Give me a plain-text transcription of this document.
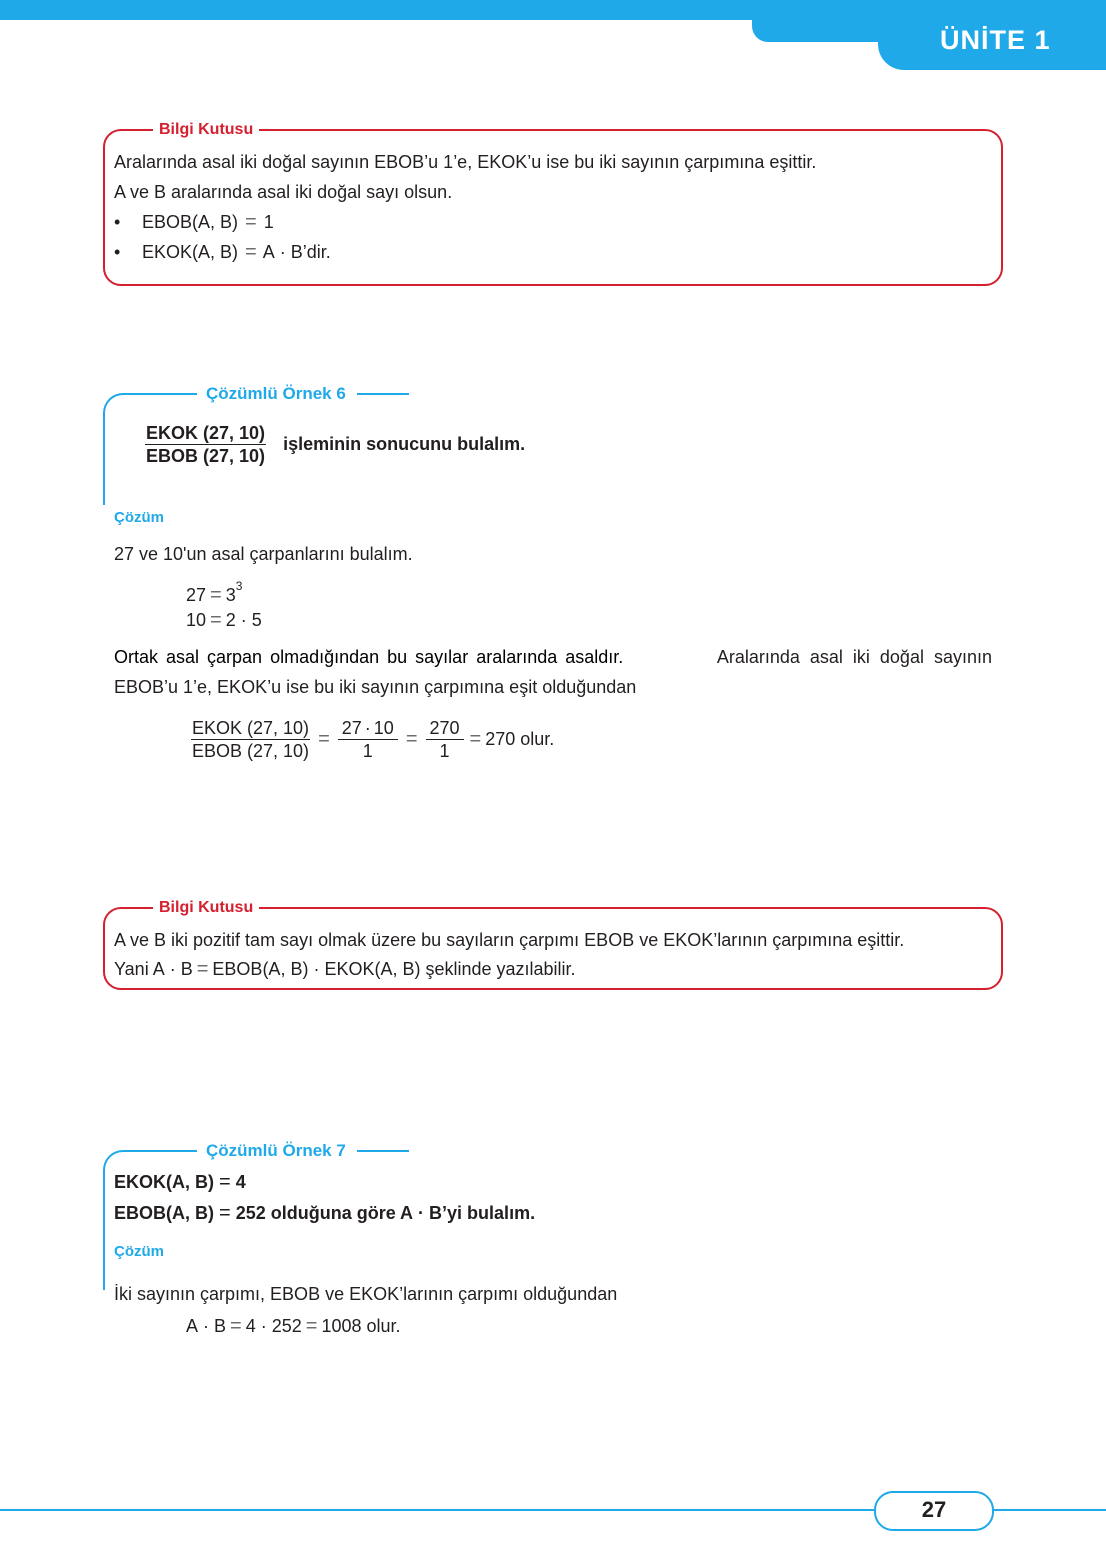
ÜNİTE 1
Bilgi Kutusu
Aralarında asal iki doğal sayının EBOB’u 1’e, EKOK’u ise bu iki sayının çarpımına eşittir.
A ve B aralarında asal iki doğal sayı olsun.
• EBOB(A, B) = 1
• EKOK(A, B) = A · B’dir.
Çözümlü Örnek 6
$\frac{\text{EKOK (27, 10)}}{\text{EBOB (27, 10)}}$ işleminin sonucunu bulalım.
Çözüm
27 ve 10'un asal çarpanlarını bulalım.
$27 = 3^3$
10 = 2 · 5
Ortak asal çarpan olmadığından bu sayılar aralarında asaldır.	Aralarında asal iki doğal sayının
EBOB’u 1’e, EKOK’u ise bu iki sayının çarpımına eşit olduğundan
$\frac{\text{EKOK (27, 10)}}{\text{EBOB (27, 10)}} = \frac{27 \cdot 10}{1} = \frac{270}{1} = 270$ olur.
Bilgi Kutusu
A ve B iki pozitif tam sayı olmak üzere bu sayıların çarpımı EBOB ve EKOK’larının çarpımına eşittir.
Yani A · B = EBOB(A, B) · EKOK(A, B) şeklinde yazılabilir.
Çözümlü Örnek 7
EKOK(A, B) = 4
EBOB(A, B) = 252 olduğuna göre A · B’yi bulalım.
Çözüm
İki sayının çarpımı, EBOB ve EKOK’larının çarpımı olduğundan
A · B = 4 · 252 = 1008 olur.
27
